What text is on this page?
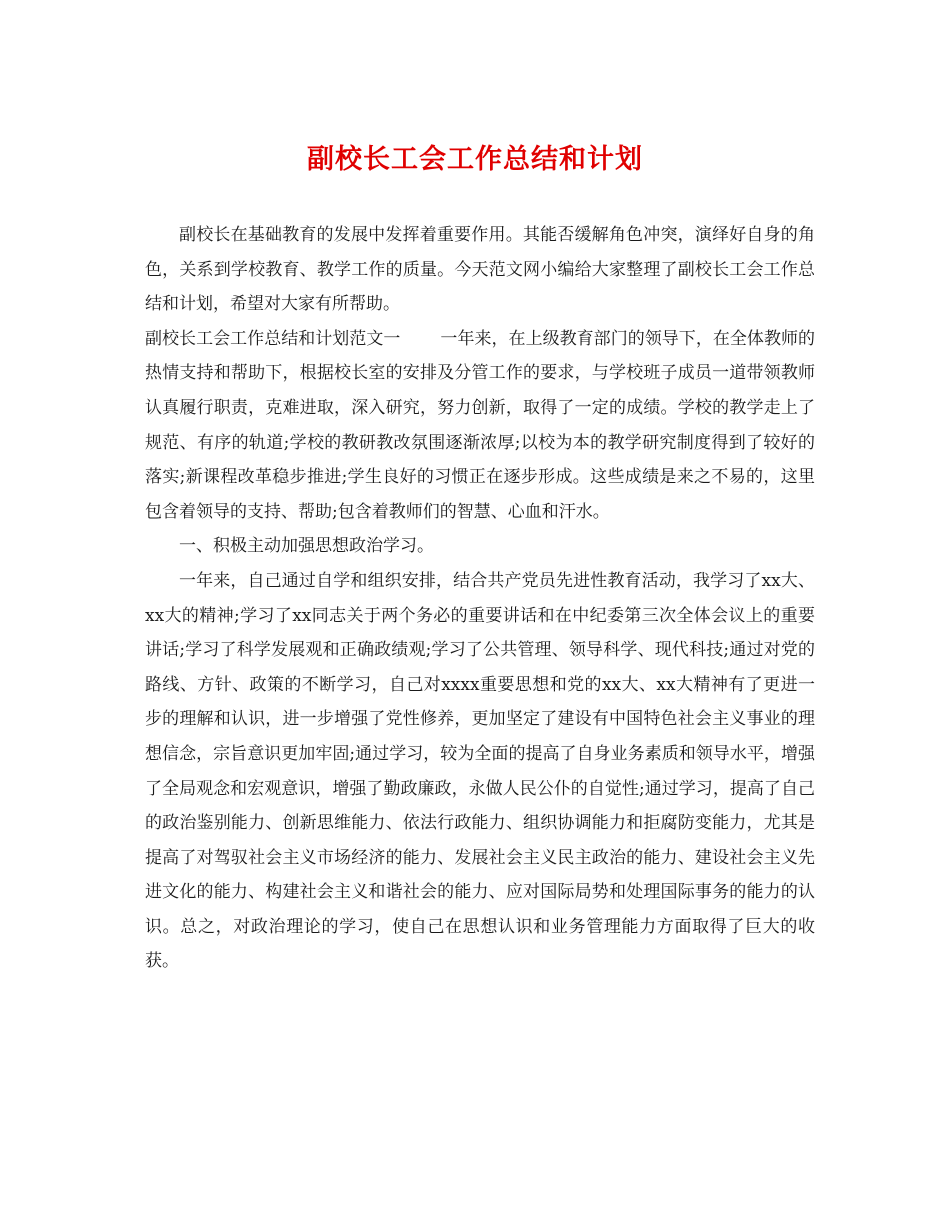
副校长工会工作总结和计划

副校长在基础教育的发展中发挥着重要作用。其能否缓解角色冲突，演绎好自身的角色，关系到学校教育、教学工作的质量。今天范文网小编给大家整理了副校长工会工作总结和计划，希望对大家有所帮助。

副校长工会工作总结和计划范文一 一年来，在上级教育部门的领导下，在全体教师的热情支持和帮助下，根据校长室的安排及分管工作的要求，与学校班子成员一道带领教师认真履行职责，克难进取，深入研究，努力创新，取得了一定的成绩。学校的教学走上了规范、有序的轨道;学校的教研教改氛围逐渐浓厚;以校为本的教学研究制度得到了较好的落实;新课程改革稳步推进;学生良好的习惯正在逐步形成。这些成绩是来之不易的，这里包含着领导的支持、帮助;包含着教师们的智慧、心血和汗水。

一、积极主动加强思想政治学习。

一年来，自己通过自学和组织安排，结合共产党员先进性教育活动，我学习了xx大、xx大的精神;学习了xx同志关于两个务必的重要讲话和在中纪委第三次全体会议上的重要讲话;学习了科学发展观和正确政绩观;学习了公共管理、领导科学、现代科技;通过对党的路线、方针、政策的不断学习，自己对xxxx重要思想和党的xx大、xx大精神有了更进一步的理解和认识，进一步增强了党性修养，更加坚定了建设有中国特色社会主义事业的理想信念，宗旨意识更加牢固;通过学习，较为全面的提高了自身业务素质和领导水平，增强了全局观念和宏观意识，增强了勤政廉政，永做人民公仆的自觉性;通过学习，提高了自己的政治鉴别能力、创新思维能力、依法行政能力、组织协调能力和拒腐防变能力，尤其是提高了对驾驭社会主义市场经济的能力、发展社会主义民主政治的能力、建设社会主义先进文化的能力、构建社会主义和谐社会的能力、应对国际局势和处理国际事务的能力的认识。总之，对政治理论的学习，使自己在思想认识和业务管理能力方面取得了巨大的收获。
